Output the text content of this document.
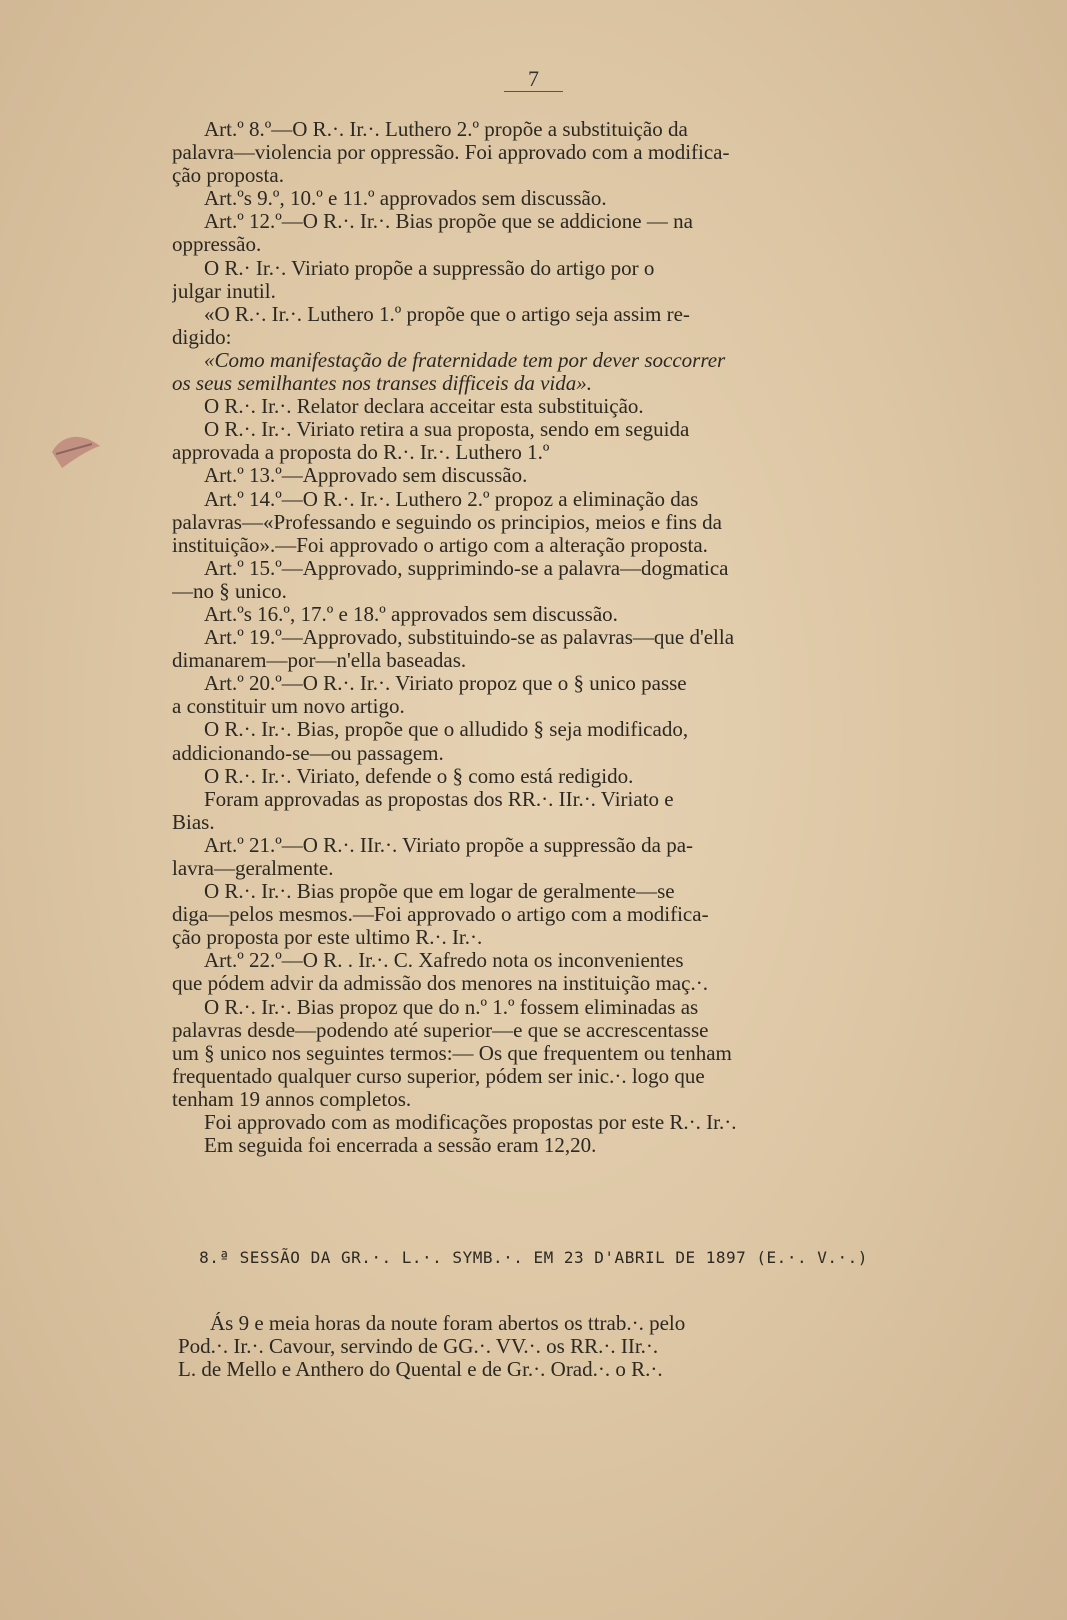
7
Art.º 8.º—O R.·. Ir.·. Luthero 2.º propõe a substituição da
palavra—violencia por oppressão. Foi approvado com a modifica-
ção proposta.
Art.ºs 9.º, 10.º e 11.º approvados sem discussão.
Art.º 12.º—O R.·. Ir.·. Bias propõe que se addicione — na
oppressão.
O R.· Ir.·. Viriato propõe a suppressão do artigo por o
julgar inutil.
«O R.·. Ir.·. Luthero 1.º propõe que o artigo seja assim re-
digido:
«Como manifestação de fraternidade tem por dever soccorrer
os seus semilhantes nos transes difficeis da vida».
O R.·. Ir.·. Relator declara acceitar esta substituição.
O R.·. Ir.·. Viriato retira a sua proposta, sendo em seguida
approvada a proposta do R.·. Ir.·. Luthero 1.º
Art.º 13.º—Approvado sem discussão.
Art.º 14.º—O R.·. Ir.·. Luthero 2.º propoz a eliminação das
palavras—«Professando e seguindo os principios, meios e fins da
instituição».—Foi approvado o artigo com a alteração proposta.
Art.º 15.º—Approvado, supprimindo-se a palavra—dogmatica
—no § unico.
Art.ºs 16.º, 17.º e 18.º approvados sem discussão.
Art.º 19.º—Approvado, substituindo-se as palavras—que d'ella
dimanarem—por—n'ella baseadas.
Art.º 20.º—O R.·. Ir.·. Viriato propoz que o § unico passe
a constituir um novo artigo.
O R.·. Ir.·. Bias, propõe que o alludido § seja modificado,
addicionando-se—ou passagem.
O R.·. Ir.·. Viriato, defende o § como está redigido.
Foram approvadas as propostas dos RR.·. IIr.·. Viriato e
Bias.
Art.º 21.º—O R.·. IIr.·. Viriato propõe a suppressão da pa-
lavra—geralmente.
O R.·. Ir.·. Bias propõe que em logar de geralmente—se
diga—pelos mesmos.—Foi approvado o artigo com a modifica-
ção proposta por este ultimo R.·. Ir.·.
Art.º 22.º—O R. . Ir.·. C. Xafredo nota os inconvenientes
que pódem advir da admissão dos menores na instituição maç.·.
O R.·. Ir.·. Bias propoz que do n.º 1.º fossem eliminadas as
palavras desde—podendo até superior—e que se accrescentasse
um § unico nos seguintes termos:— Os que frequentem ou tenham
frequentado qualquer curso superior, pódem ser inic.·. logo que
tenham 19 annos completos.
Foi approvado com as modificações propostas por este R.·. Ir.·.
Em seguida foi encerrada a sessão eram 12,20.
8.ª SESSÃO DA GR.·. L.·. SYMB.·. EM 23 D'ABRIL DE 1897 (E.·. V.·.)
Ás 9 e meia horas da noute foram abertos os ttrab.·. pelo
Pod.·. Ir.·. Cavour, servindo de GG.·. VV.·. os RR.·. IIr.·.
L. de Mello e Anthero do Quental e de Gr.·. Orad.·. o R.·.
